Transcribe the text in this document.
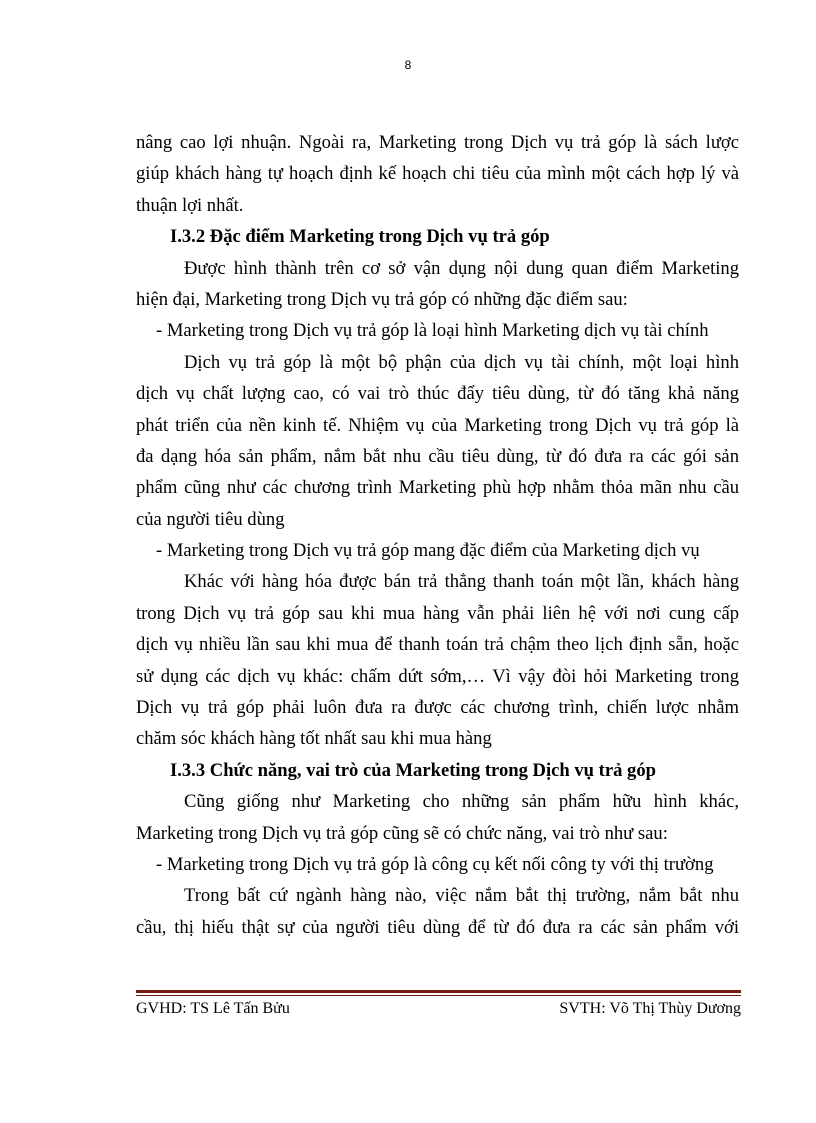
8
nâng cao lợi nhuận. Ngoài ra, Marketing trong Dịch vụ trả góp là sách lược
giúp khách hàng tự hoạch định kế hoạch chi tiêu của mình một cách hợp lý và
thuận lợi nhất.
I.3.2 Đặc điểm Marketing trong Dịch vụ trả góp
Được hình thành trên cơ sở vận dụng nội dung quan điểm Marketing
hiện đại, Marketing trong Dịch vụ trả góp có những đặc điểm sau:
- Marketing trong Dịch vụ trả góp là loại hình Marketing dịch vụ tài chính
Dịch vụ trả góp là một bộ phận của dịch vụ tài chính, một loại hình
dịch vụ chất lượng cao, có vai trò thúc đẩy tiêu dùng, từ đó tăng khả năng
phát triển của nền kinh tế. Nhiệm vụ của Marketing trong Dịch vụ trả góp là
đa dạng hóa sản phẩm, nắm bắt nhu cầu tiêu dùng, từ đó đưa ra các gói sản
phẩm cũng như các chương trình Marketing phù hợp nhằm thỏa mãn nhu cầu
của người tiêu dùng
- Marketing trong Dịch vụ trả góp mang đặc điểm của Marketing dịch vụ
Khác với hàng hóa được bán trả thẳng thanh toán một lần, khách hàng
trong Dịch vụ trả góp sau khi mua hàng vẫn phải liên hệ với nơi cung cấp
dịch vụ nhiều lần sau khi mua để thanh toán trả chậm theo lịch định sẵn, hoặc
sử dụng các dịch vụ khác: chấm dứt sớm,… Vì vậy đòi hỏi Marketing trong
Dịch vụ trả góp phải luôn đưa ra được các chương trình, chiến lược nhằm
chăm sóc khách hàng tốt nhất sau khi mua hàng
I.3.3 Chức năng, vai trò của Marketing trong Dịch vụ trả góp
Cũng giống như Marketing cho những sản phẩm hữu hình khác,
Marketing trong Dịch vụ trả góp cũng sẽ có chức năng, vai trò như sau:
- Marketing trong Dịch vụ trả góp là công cụ kết nối công ty với thị trường
Trong bất cứ ngành hàng nào, việc nắm bắt thị trường, nắm bắt nhu
cầu, thị hiếu thật sự của người tiêu dùng để từ đó đưa ra các sản phẩm với
GVHD: TS Lê Tấn Bửu	SVTH: Võ Thị Thùy Dương
